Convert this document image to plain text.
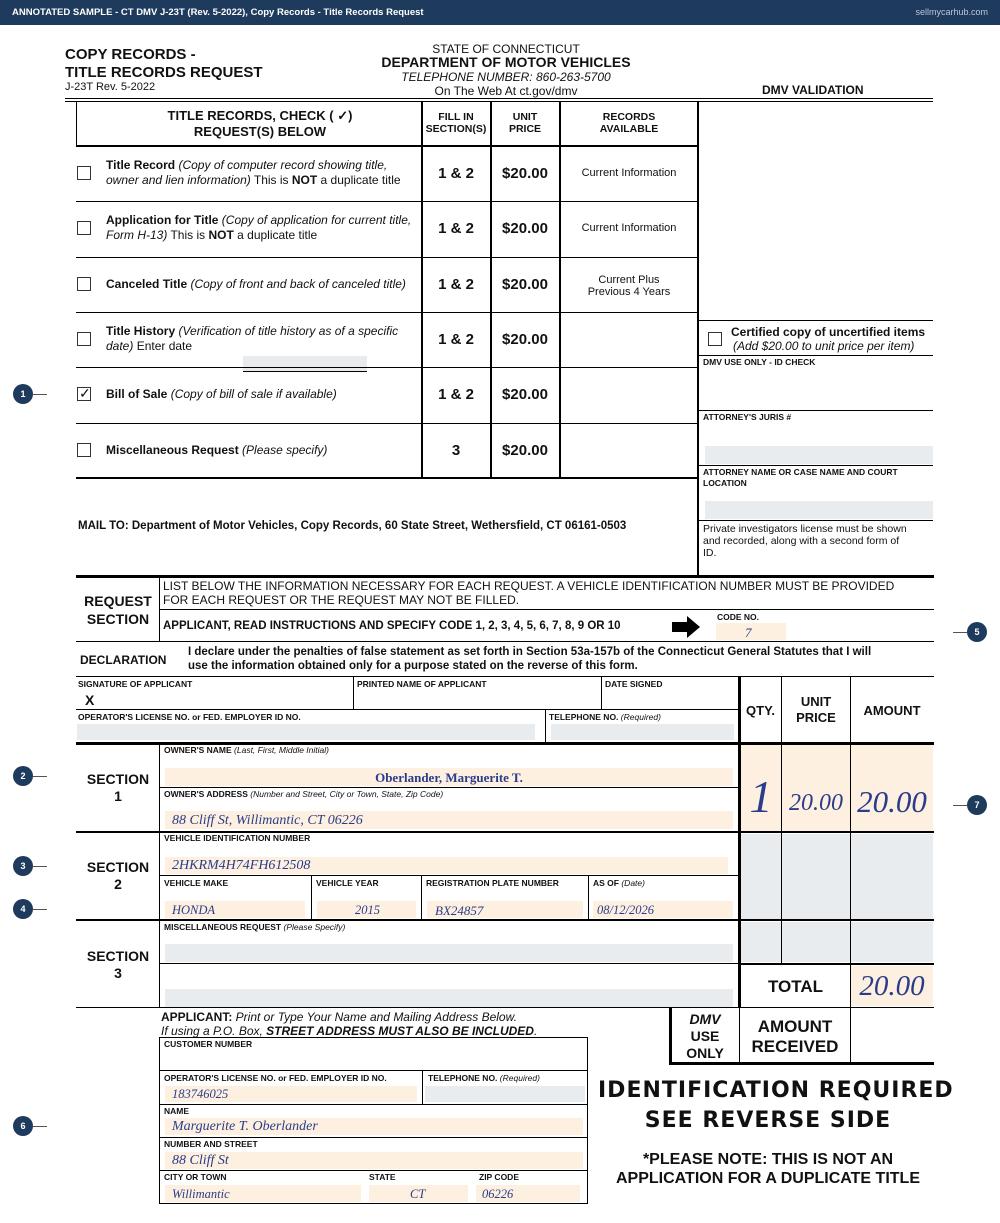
ANNOTATED SAMPLE - CT DMV J-23T (Rev. 5-2022), Copy Records - Title Records Request	sellmycarhub.com
COPY RECORDS -
TITLE RECORDS REQUEST
J-23T Rev. 5-2022
STATE OF CONNECTICUT
DEPARTMENT OF MOTOR VEHICLES
TELEPHONE NUMBER: 860-263-5700
On The Web At ct.gov/dmv	DMV VALIDATION
TITLE RECORDS, CHECK ( ✓)
REQUEST(S) BELOW
FILL IN
SECTION(S)
UNIT
PRICE
RECORDS
AVAILABLE
Title Record (Copy of computer record showing title,
owner and lien information) This is NOT a duplicate title	1 & 2	$20.00	Current Information
Application for Title (Copy of application for current title,
Form H-13) This is NOT a duplicate title	1 & 2	$20.00	Current Information
Canceled Title (Copy of front and back of canceled title)	1 & 2	$20.00	Current Plus
Previous 4 Years
Title History (Verification of title history as of a specific
date) Enter date	1 & 2	$20.00
✓ Bill of Sale (Copy of bill of sale if available)	1 & 2	$20.00
Miscellaneous Request (Please specify)	3	$20.00
Certified copy of uncertified items
(Add $20.00 to unit price per item)
DMV USE ONLY - ID CHECK
ATTORNEY'S JURIS #
ATTORNEY NAME OR CASE NAME AND COURT
LOCATION
Private investigators license must be shown
and recorded, along with a second form of
ID.
MAIL TO: Department of Motor Vehicles, Copy Records, 60 State Street, Wethersfield, CT 06161-0503
REQUEST
SECTION
LIST BELOW THE INFORMATION NECESSARY FOR EACH REQUEST. A VEHICLE IDENTIFICATION NUMBER MUST BE PROVIDED
FOR EACH REQUEST OR THE REQUEST MAY NOT BE FILLED.
APPLICANT, READ INSTRUCTIONS AND SPECIFY CODE 1, 2, 3, 4, 5, 6, 7, 8, 9 OR 10
CODE NO.
7
DECLARATION
I declare under the penalties of false statement as set forth in Section 53a-157b of the Connecticut General Statutes that I will
use the information obtained only for a purpose stated on the reverse of this form.
SIGNATURE OF APPLICANT
X
PRINTED NAME OF APPLICANT	DATE SIGNED
OPERATOR'S LICENSE NO. or FED. EMPLOYER ID NO.	TELEPHONE NO. (Required)	QTY.
UNIT
PRICE	AMOUNT
SECTION
1
OWNER'S NAME (Last, First, Middle Initial)
Oberlander, Marguerite T.
OWNER'S ADDRESS (Number and Street, City or Town, State, Zip Code)
88 Cliff St, Willimantic, CT 06226	1 20.00 20.00
SECTION
2
VEHICLE IDENTIFICATION NUMBER
2HKRM4H74FH612508
VEHICLE MAKE	VEHICLE YEAR	REGISTRATION PLATE NUMBER	AS OF (Date)
HONDA	2015	BX24857	08/12/2026
SECTION
3
MISCELLANEOUS REQUEST (Please Specify)
TOTAL	20.00
APPLICANT: Print or Type Your Name and Mailing Address Below.
If using a P.O. Box, STREET ADDRESS MUST ALSO BE INCLUDED.
CUSTOMER NUMBER
OPERATOR'S LICENSE NO. or FED. EMPLOYER ID NO.	TELEPHONE NO. (Required)
183746025
NAME
Marguerite T. Oberlander
NUMBER AND STREET
88 Cliff St
CITY OR TOWN	STATE	ZIP CODE
Willimantic	CT	06226
DMV
USE
ONLY
AMOUNT
RECEIVED
IDENTIFICATION REQUIRED
SEE REVERSE SIDE
*PLEASE NOTE: THIS IS NOT AN
APPLICATION FOR A DUPLICATE TITLE
1
2
3
4
5
6
7
